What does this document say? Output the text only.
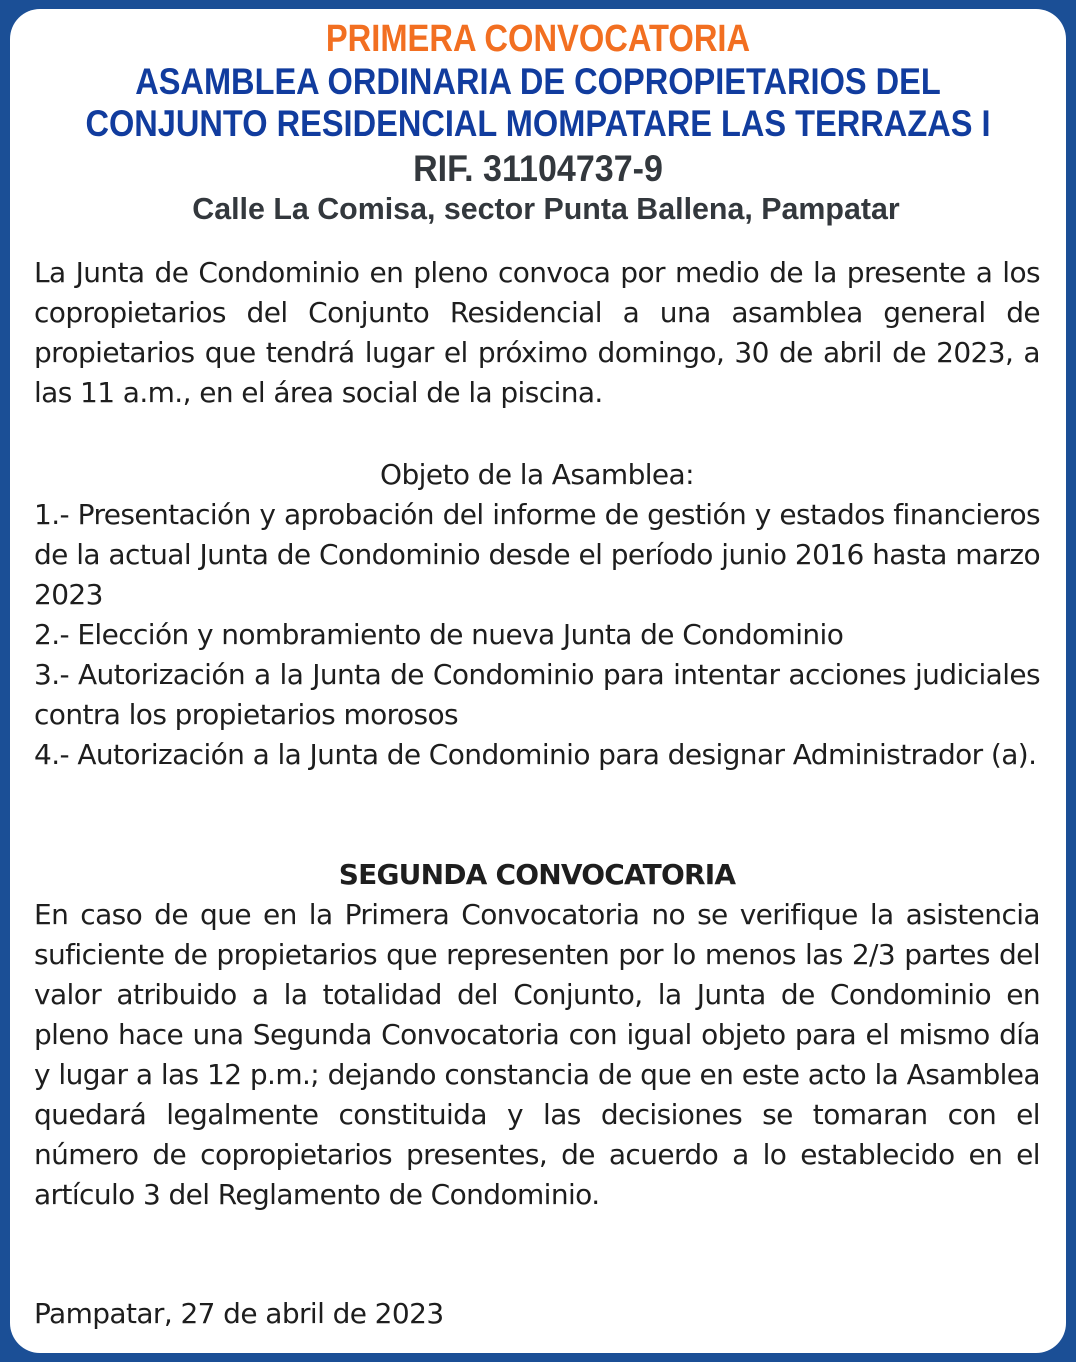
PRIMERA CONVOCATORIA
ASAMBLEA ORDINARIA DE COPROPIETARIOS DEL
CONJUNTO RESIDENCIAL MOMPATARE LAS TERRAZAS I
RIF. 31104737-9
Calle La Comisa, sector Punta Ballena, Pampatar

La Junta de Condominio en pleno convoca por medio de la presente a los copropietarios del Conjunto Residencial a una asamblea general de propietarios que tendrá lugar el próximo domingo, 30 de abril de 2023, a las 11 a.m., en el área social de la piscina.

Objeto de la Asamblea:

1.- Presentación y aprobación del informe de gestión y estados financieros de la actual Junta de Condominio desde el período junio 2016 hasta marzo 2023

2.- Elección y nombramiento de nueva Junta de Condominio

3.- Autorización a la Junta de Condominio para intentar acciones judiciales contra los propietarios morosos

4.- Autorización a la Junta de Condominio para designar Administrador (a).

SEGUNDA CONVOCATORIA

En caso de que en la Primera Convocatoria no se verifique la asistencia suficiente de propietarios que representen por lo menos las 2/3 partes del valor atribuido a la totalidad del Conjunto, la Junta de Condominio en pleno hace una Segunda Convocatoria con igual objeto para el mismo día y lugar a las 12 p.m.; dejando constancia de que en este acto la Asamblea quedará legalmente constituida y las decisiones se tomaran con el número de copropietarios presentes, de acuerdo a lo establecido en el artículo 3 del Reglamento de Condominio.

Pampatar, 27 de abril de 2023
